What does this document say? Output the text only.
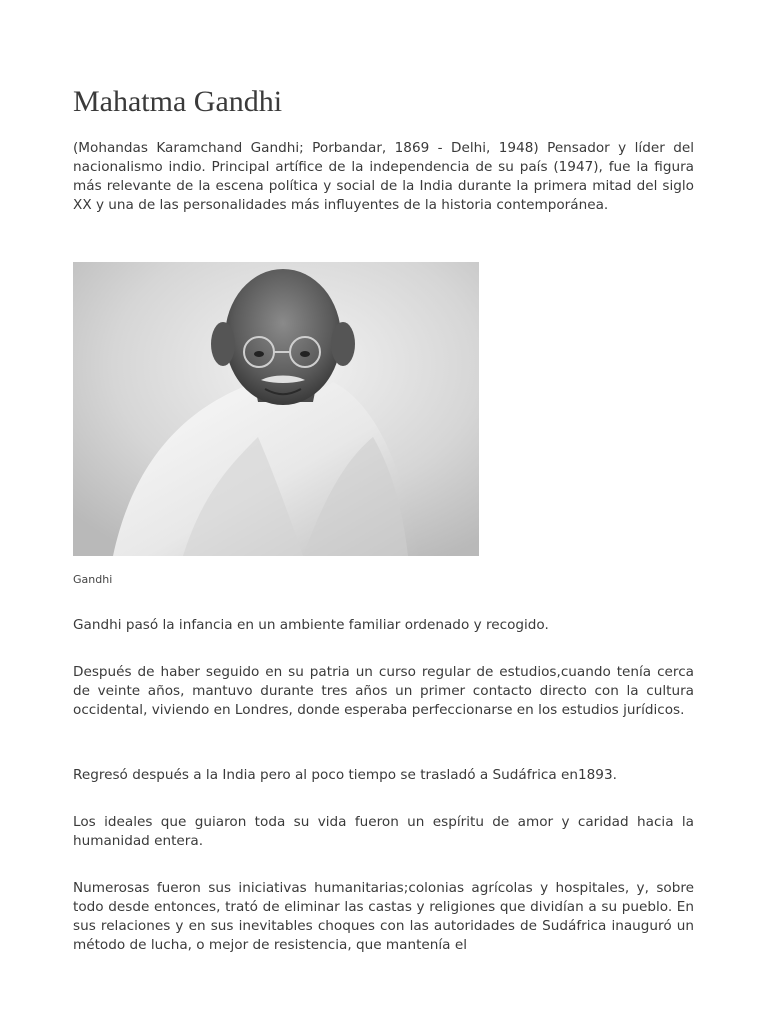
Mahatma Gandhi

(Mohandas Karamchand Gandhi; Porbandar, 1869 - Delhi, 1948) Pensador y líder del nacionalismo indio. Principal artífice de la independencia de su país (1947), fue la figura más relevante de la escena política y social de la India durante la primera mitad del siglo XX y una de las personalidades más influyentes de la historia contemporánea.

Gandhi

Gandhi pasó la infancia en un ambiente familiar ordenado y recogido.

Después de haber seguido en su patria un curso regular de estudios,cuando tenía cerca de veinte años, mantuvo durante tres años un primer contacto directo con la cultura occidental, viviendo en Londres, donde esperaba perfeccionarse en los estudios jurídicos.

Regresó después a la India pero al poco tiempo se trasladó a Sudáfrica en1893.

Los ideales que guiaron toda su vida fueron un espíritu de amor y caridad hacia la humanidad entera.

Numerosas fueron sus iniciativas humanitarias;colonias agrícolas y hospitales, y, sobre todo desde entonces, trató de eliminar las castas y religiones que dividían a su pueblo. En sus relaciones y en sus inevitables choques con las autoridades de Sudáfrica inauguró un método de lucha, o mejor de resistencia, que mantenía el
